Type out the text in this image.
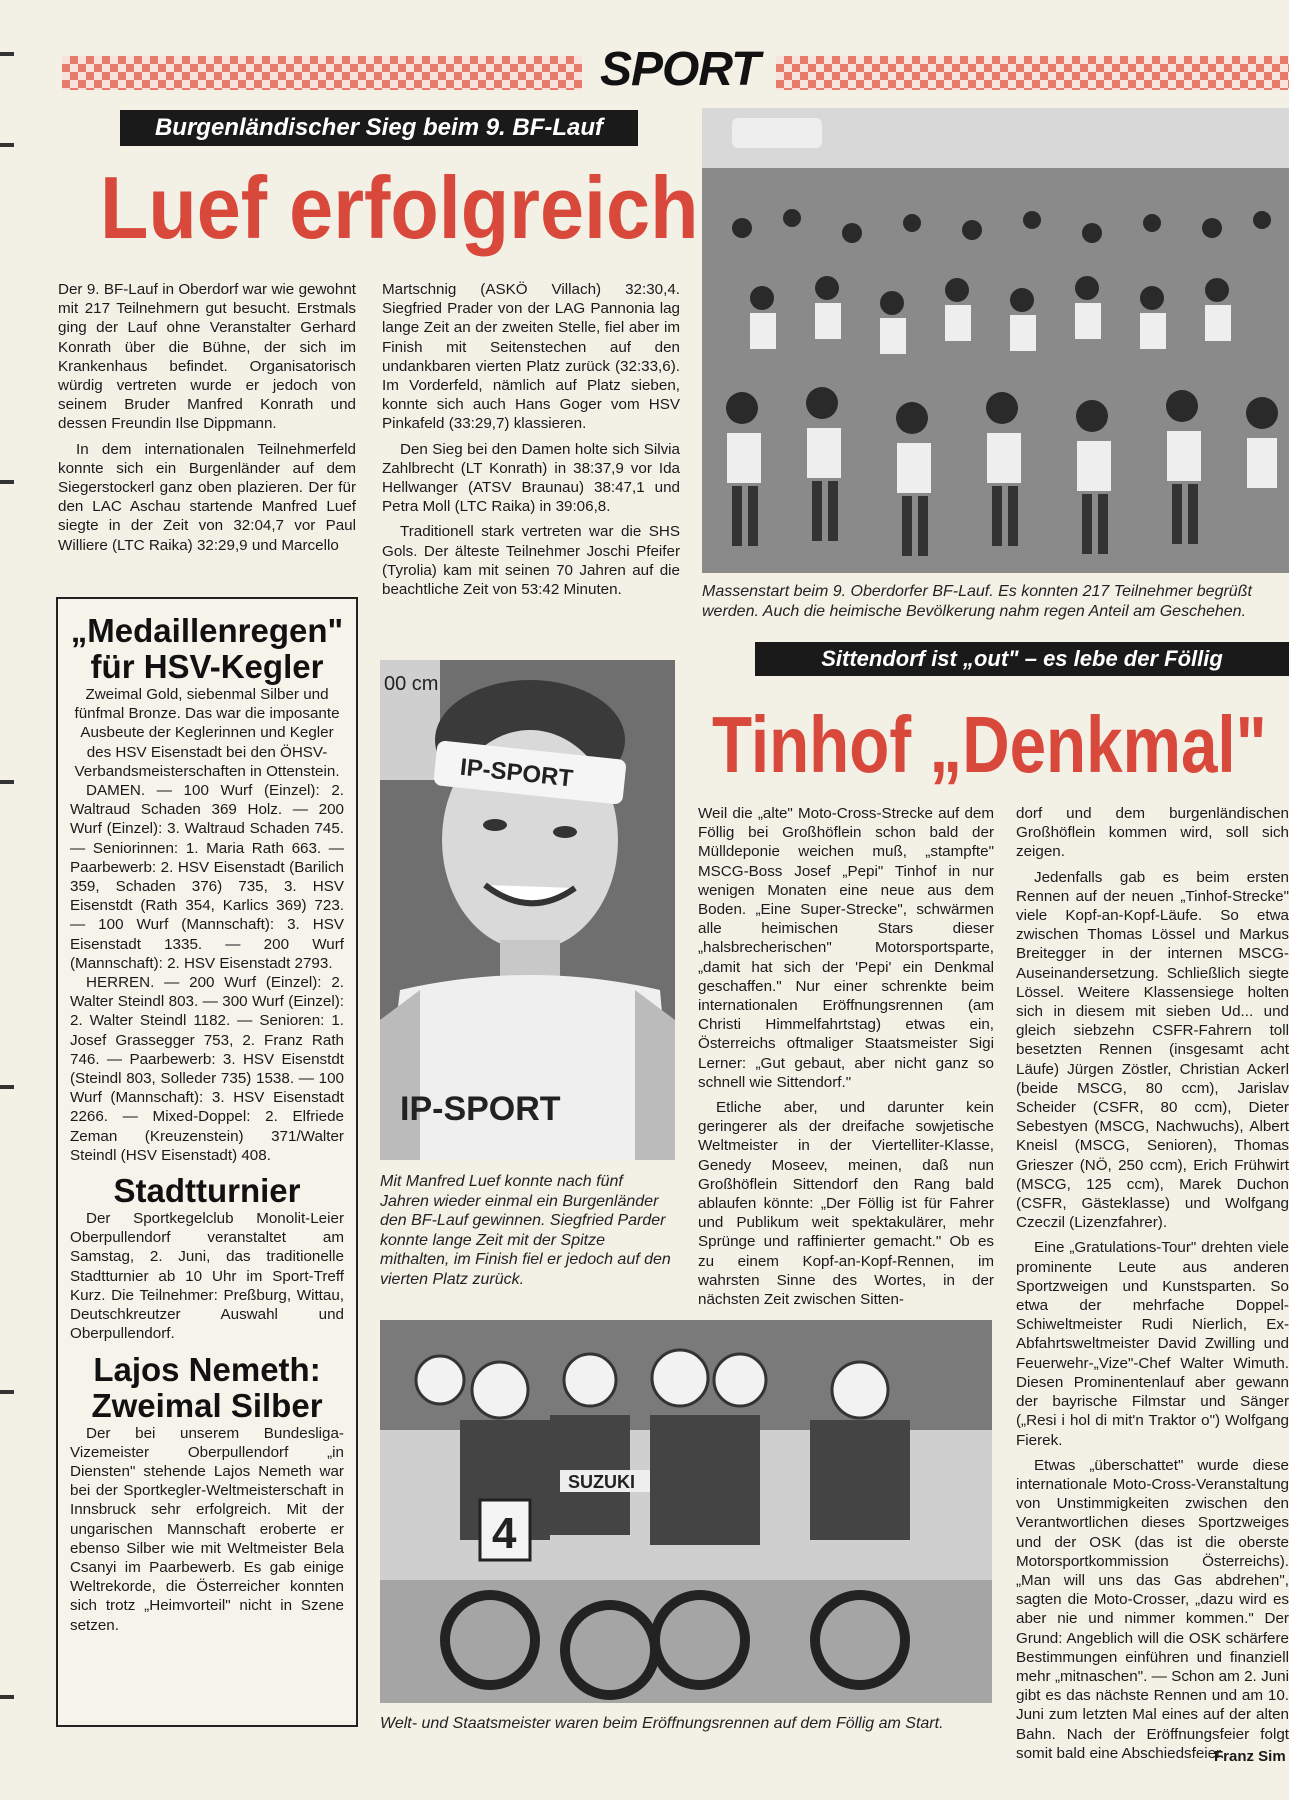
SPORT
Burgenländischer Sieg beim 9. BF-Lauf
Luef erfolgreich

Der 9. BF-Lauf in Oberdorf war wie gewohnt mit 217 Teilnehmern gut besucht. Erstmals ging der Lauf ohne Veranstalter Gerhard Konrath über die Bühne, der sich im Krankenhaus befindet. Organisatorisch würdig vertreten wurde er jedoch von seinem Bruder Manfred Konrath und dessen Freundin Ilse Dippmann.

In dem internationalen Teilnehmerfeld konnte sich ein Burgenländer auf dem Siegerstockerl ganz oben plazieren. Der für den LAC Aschau startende Manfred Luef siegte in der Zeit von 32:04,7 vor Paul Williere (LTC Raika) 32:29,9 und Marcello

Martschnig (ASKÖ Villach) 32:30,4. Siegfried Prader von der LAG Pannonia lag lange Zeit an der zweiten Stelle, fiel aber im Finish mit Seitenstechen auf den undankbaren vierten Platz zurück (32:33,6). Im Vorderfeld, nämlich auf Platz sieben, konnte sich auch Hans Goger vom HSV Pinkafeld (33:29,7) klassieren.

Den Sieg bei den Damen holte sich Silvia Zahlbrecht (LT Konrath) in 38:37,9 vor Ida Hellwanger (ATSV Braunau) 38:47,1 und Petra Moll (LTC Raika) in 39:06,8.

Traditionell stark vertreten war die SHS Gols. Der älteste Teilnehmer Joschi Pfeifer (Tyrolia) kam mit seinen 70 Jahren auf die beachtliche Zeit von 53:42 Minuten.	Massenstart beim 9. Oberdorfer BF-Lauf. Es konnten 217 Teilnehmer begrüßt werden. Auch die heimische Bevölkerung nahm regen Anteil am Geschehen.
„Medaillenregen" für HSV-Kegler

Zweimal Gold, siebenmal Silber und fünfmal Bronze. Das war die imposante Ausbeute der Keglerinnen und Kegler des HSV Eisenstadt bei den ÖHSV-Verbandsmeisterschaften in Ottenstein.

DAMEN. — 100 Wurf (Einzel): 2. Waltraud Schaden 369 Holz. — 200 Wurf (Einzel): 3. Waltraud Schaden 745. — Seniorinnen: 1. Maria Rath 663. — Paarbewerb: 2. HSV Eisenstadt (Barilich 359, Schaden 376) 735, 3. HSV Eisenstdt (Rath 354, Karlics 369) 723. — 100 Wurf (Mannschaft): 3. HSV Eisenstadt 1335. — 200 Wurf (Mannschaft): 2. HSV Eisenstadt 2793.

HERREN. — 200 Wurf (Einzel): 2. Walter Steindl 803. — 300 Wurf (Einzel): 2. Walter Steindl 1182. — Senioren: 1. Josef Grassegger 753, 2. Franz Rath 746. — Paarbewerb: 3. HSV Eisenstdt (Steindl 803, Solleder 735) 1538. — 100 Wurf (Mannschaft): 3. HSV Eisenstadt 2266. — Mixed-Doppel: 2. Elfriede Zeman (Kreuzenstein) 371/Walter Steindl (HSV Eisenstadt) 408.

Stadtturnier

Der Sportkegelclub Monolit-Leier Oberpullendorf veranstaltet am Samstag, 2. Juni, das traditionelle Stadtturnier ab 10 Uhr im Sport-Treff Kurz. Die Teilnehmer: Preßburg, Wittau, Deutschkreutzer Auswahl und Oberpullendorf.

Lajos Nemeth: Zweimal Silber

Der bei unserem Bundesliga-Vizemeister Oberpullendorf „in Diensten" stehende Lajos Nemeth war bei der Sportkegler-Weltmeisterschaft in Innsbruck sehr erfolgreich. Mit der ungarischen Mannschaft eroberte er ebenso Silber wie mit Weltmeister Bela Csanyi im Paarbewerb. Es gab einige Weltrekorde, die Österreicher konnten sich trotz „Heimvorteil" nicht in Szene setzen.

00 cm
IP-SPORT
IP-SPORT
Mit Manfred Luef konnte nach fünf Jahren wieder einmal ein Burgenländer den BF-Lauf gewinnen. Siegfried Parder konnte lange Zeit mit der Spitze mithalten, im Finish fiel er jedoch auf den vierten Platz zurück.
Sittendorf ist „out" – es lebe der Föllig
Tinhof „Denkmal"

Weil die „alte" Moto-Cross-Strecke auf dem Föllig bei Großhöflein schon bald der Mülldeponie weichen muß, „stampfte" MSCG-Boss Josef „Pepi" Tinhof in nur wenigen Monaten eine neue aus dem Boden. „Eine Super-Strecke", schwärmen alle heimischen Stars dieser „halsbrecherischen" Motorsportsparte, „damit hat sich der 'Pepi' ein Denkmal geschaffen." Nur einer schrenkte beim internationalen Eröffnungsrennen (am Christi Himmelfahrtstag) etwas ein, Österreichs oftmaliger Staatsmeister Sigi Lerner: „Gut gebaut, aber nicht ganz so schnell wie Sittendorf."

Etliche aber, und darunter kein geringerer als der dreifache sowjetische Weltmeister in der Viertelliter-Klasse, Genedy Moseev, meinen, daß nun Großhöflein Sittendorf den Rang bald ablaufen könnte: „Der Föllig ist für Fahrer und Publikum weit spektakulärer, mehr Sprünge und raffinierter gemacht." Ob es zu einem Kopf-an-Kopf-Rennen, im wahrsten Sinne des Wortes, in der nächsten Zeit zwischen Sitten-

dorf und dem burgenländischen Großhöflein kommen wird, soll sich zeigen.

Jedenfalls gab es beim ersten Rennen auf der neuen „Tinhof-Strecke" viele Kopf-an-Kopf-Läufe. So etwa zwischen Thomas Lössel und Markus Breitegger in der internen MSCG-Auseinandersetzung. Schließlich siegte Lössel. Weitere Klassensiege holten sich in diesem mit sieben Ud... und gleich siebzehn CSFR-Fahrern toll besetzten Rennen (insgesamt acht Läufe) Jürgen Zöstler, Christian Ackerl (beide MSCG, 80 ccm), Jarislav Scheider (CSFR, 80 ccm), Dieter Sebestyen (MSCG, Nachwuchs), Albert Kneisl (MSCG, Senioren), Thomas Grieszer (NÖ, 250 ccm), Erich Frühwirt (MSCG, 125 ccm), Marek Duchon (CSFR, Gästeklasse) und Wolfgang Czeczil (Lizenzfahrer).

Eine „Gratulations-Tour" drehten viele prominente Leute aus anderen Sportzweigen und Kunstsparten. So etwa der mehrfache Doppel-Schiweltmeister Rudi Nierlich, Ex-Abfahrtsweltmeister David Zwilling und Feuerwehr-„Vize"-Chef Walter Wimuth. Diesen Prominentenlauf aber gewann der bayrische Filmstar und Sänger („Resi i hol di mit'n Traktor o") Wolfgang Fierek.

Etwas „überschattet" wurde diese internationale Moto-Cross-Veranstaltung von Unstimmigkeiten zwischen den Verantwortlichen dieses Sportzweiges und der OSK (das ist die oberste Motorsportkommission Österreichs). „Man will uns das Gas abdrehen", sagten die Moto-Crosser, „dazu wird es aber nie und nimmer kommen." Der Grund: Angeblich will die OSK schärfere Bestimmungen einführen und finanziell mehr „mitnaschen". — Schon am 2. Juni gibt es das nächste Rennen und am 10. Juni zum letzten Mal eines auf der alten Bahn. Nach der Eröffnungsfeier folgt somit bald eine Abschiedsfeier.

Franz Sim
SUZUKI
4
Welt- und Staatsmeister waren beim Eröffnungsrennen auf dem Föllig am Start.
